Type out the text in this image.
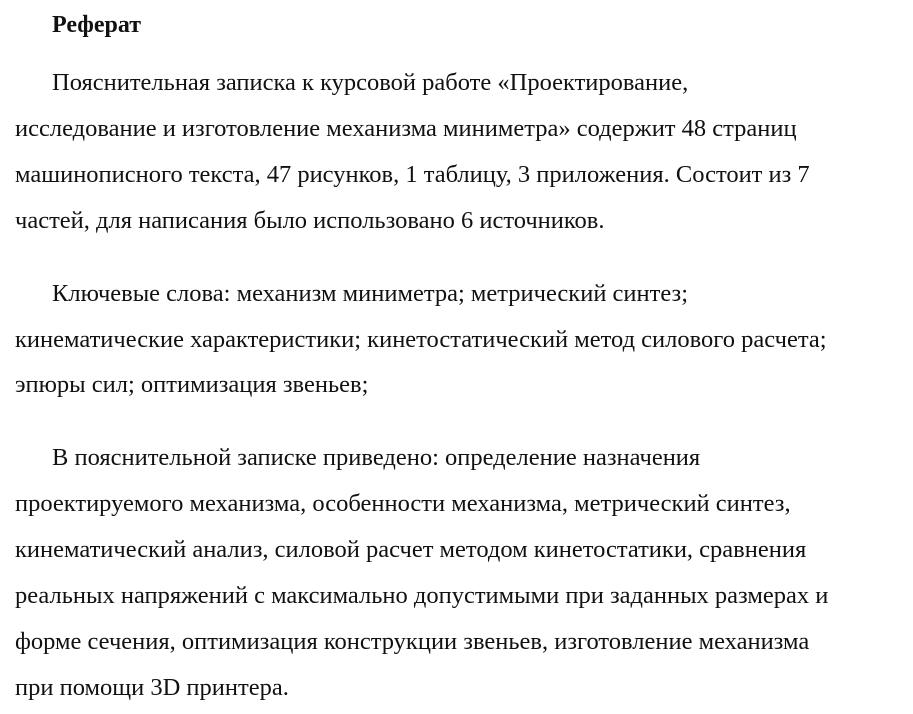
Реферат
Пояснительная записка к курсовой работе «Проектирование,
исследование и изготовление механизма миниметра» содержит 48 страниц
машинописного текста, 47 рисунков, 1 таблицу, 3 приложения. Состоит из 7
частей, для написания было использовано 6 источников.
Ключевые слова: механизм миниметра; метрический синтез;
кинематические характеристики; кинетостатический метод силового расчета;
эпюры сил; оптимизация звеньев;
В пояснительной записке приведено: определение назначения
проектируемого механизма, особенности механизма, метрический синтез,
кинематический анализ, силовой расчет методом кинетостатики, сравнения
реальных напряжений с максимально допустимыми при заданных размерах и
форме сечения, оптимизация конструкции звеньев, изготовление механизма
при помощи 3D принтера.
